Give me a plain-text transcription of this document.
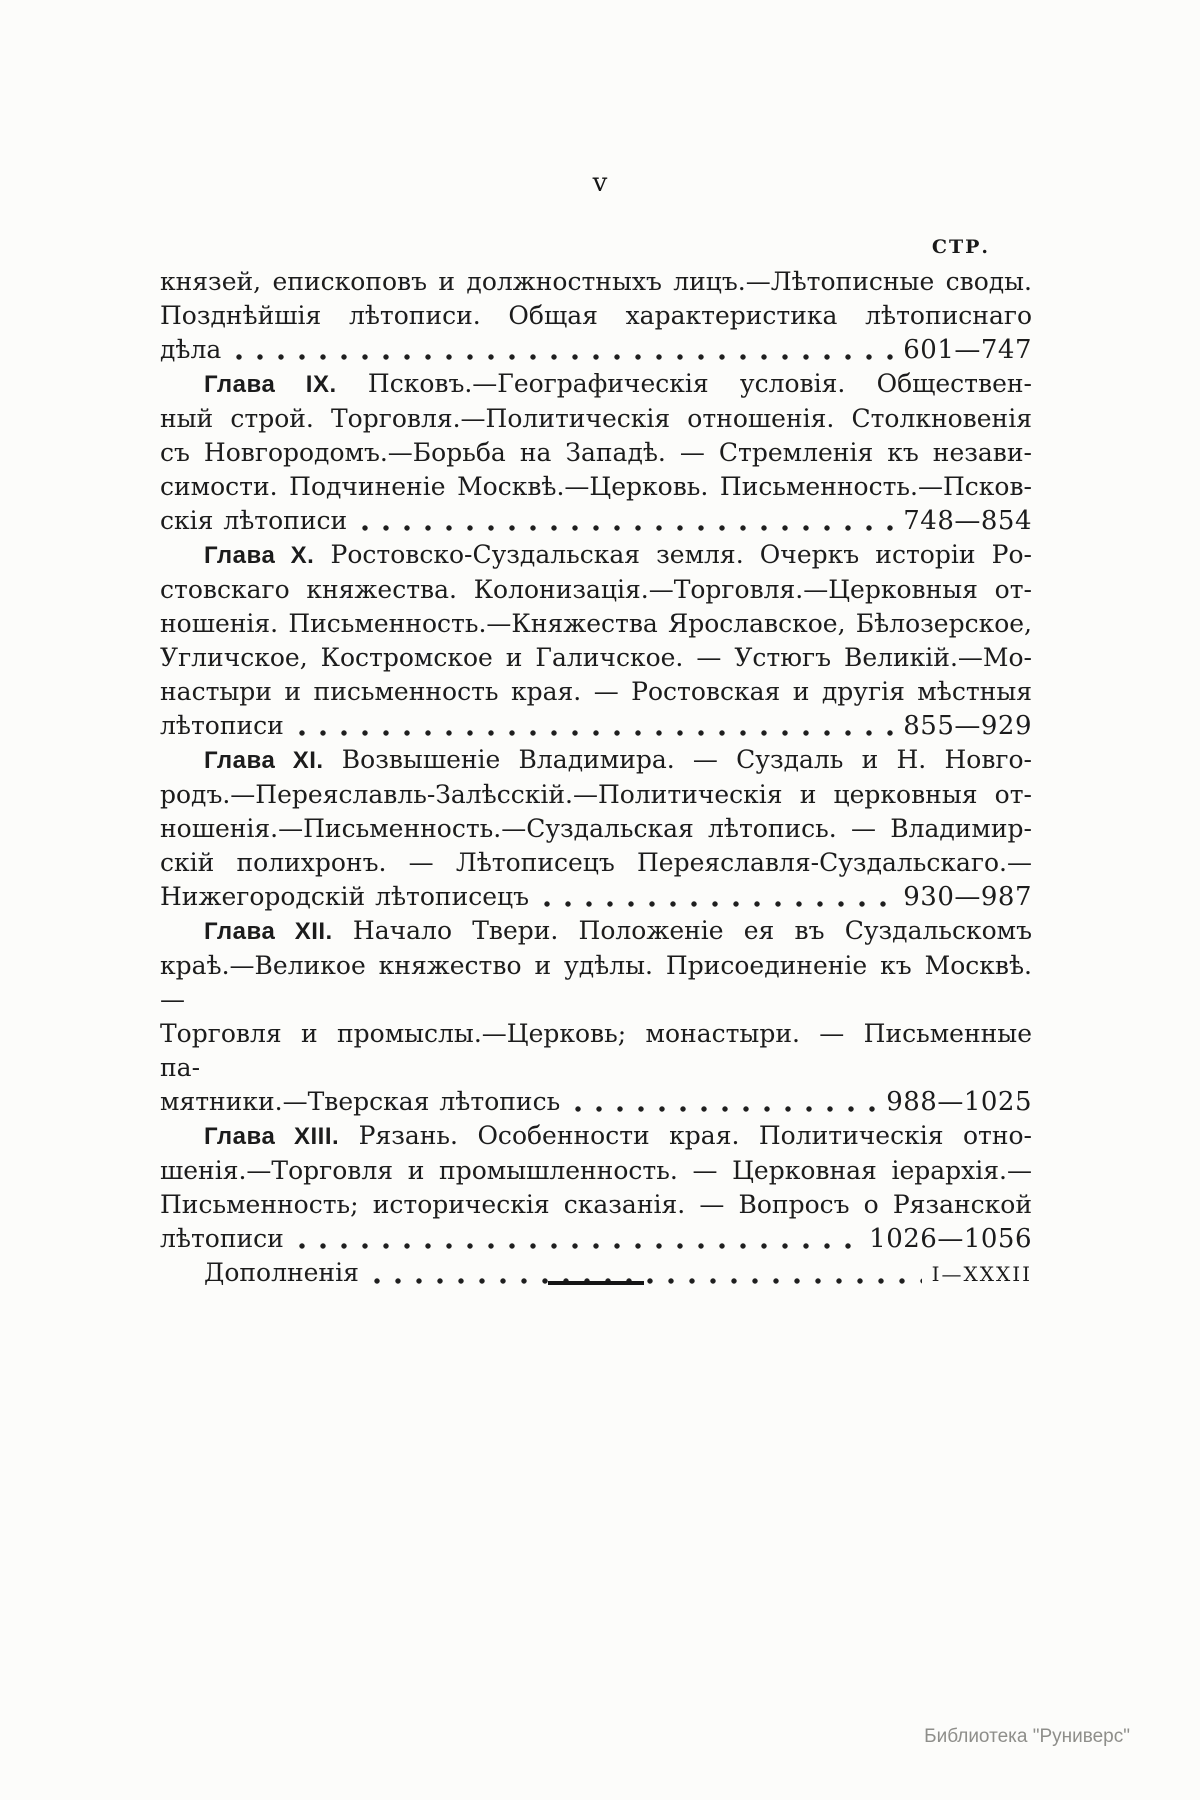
v
СТР.
князей, епископовъ и должностныхъ лицъ.—Лѣтописные своды.
Позднѣйшія лѣтописи. Общая характеристика лѣтописнаго
дѣла	601—747
Глава IX. Псковъ.—Географическія условія. Обществен-
ный строй. Торговля.—Политическія отношенія. Столкновенія
съ Новгородомъ.—Борьба на Западѣ. — Стремленія къ незави-
симости. Подчиненіе Москвѣ.—Церковь. Письменность.—Псков-
скія лѣтописи	748—854
Глава X. Ростовско-Суздальская земля. Очеркъ исторіи Ро-
стовскаго княжества. Колонизація.—Торговля.—Церковныя от-
ношенія. Письменность.—Княжества Ярославское, Бѣлозерское,
Угличское, Костромское и Галичское. — Устюгъ Великій.—Мо-
настыри и письменность края. — Ростовская и другія мѣстныя
лѣтописи	855—929
Глава XI. Возвышеніе Владимира. — Суздаль и Н. Новго-
родъ.—Переяславль-Залѣсскій.—Политическія и церковныя от-
ношенія.—Письменность.—Суздальская лѣтопись. — Владимир-
скій полихронъ. — Лѣтописецъ Переяславля-Суздальскаго.—
Нижегородскій лѣтописецъ	930—987
Глава XII. Начало Твери. Положеніе ея въ Суздальскомъ
краѣ.—Великое княжество и удѣлы. Присоединеніе къ Москвѣ.—
Торговля и промыслы.—Церковь; монастыри. — Письменные па-
мятники.—Тверская лѣтопись	988—1025
Глава XIII. Рязань. Особенности края. Политическія отно-
шенія.—Торговля и промышленность. — Церковная іерархія.—
Письменность; историческія сказанія. — Вопросъ о Рязанской
лѣтописи	1026—1056
Дополненія	I—XXXII
Библиотека "Руниверс"
